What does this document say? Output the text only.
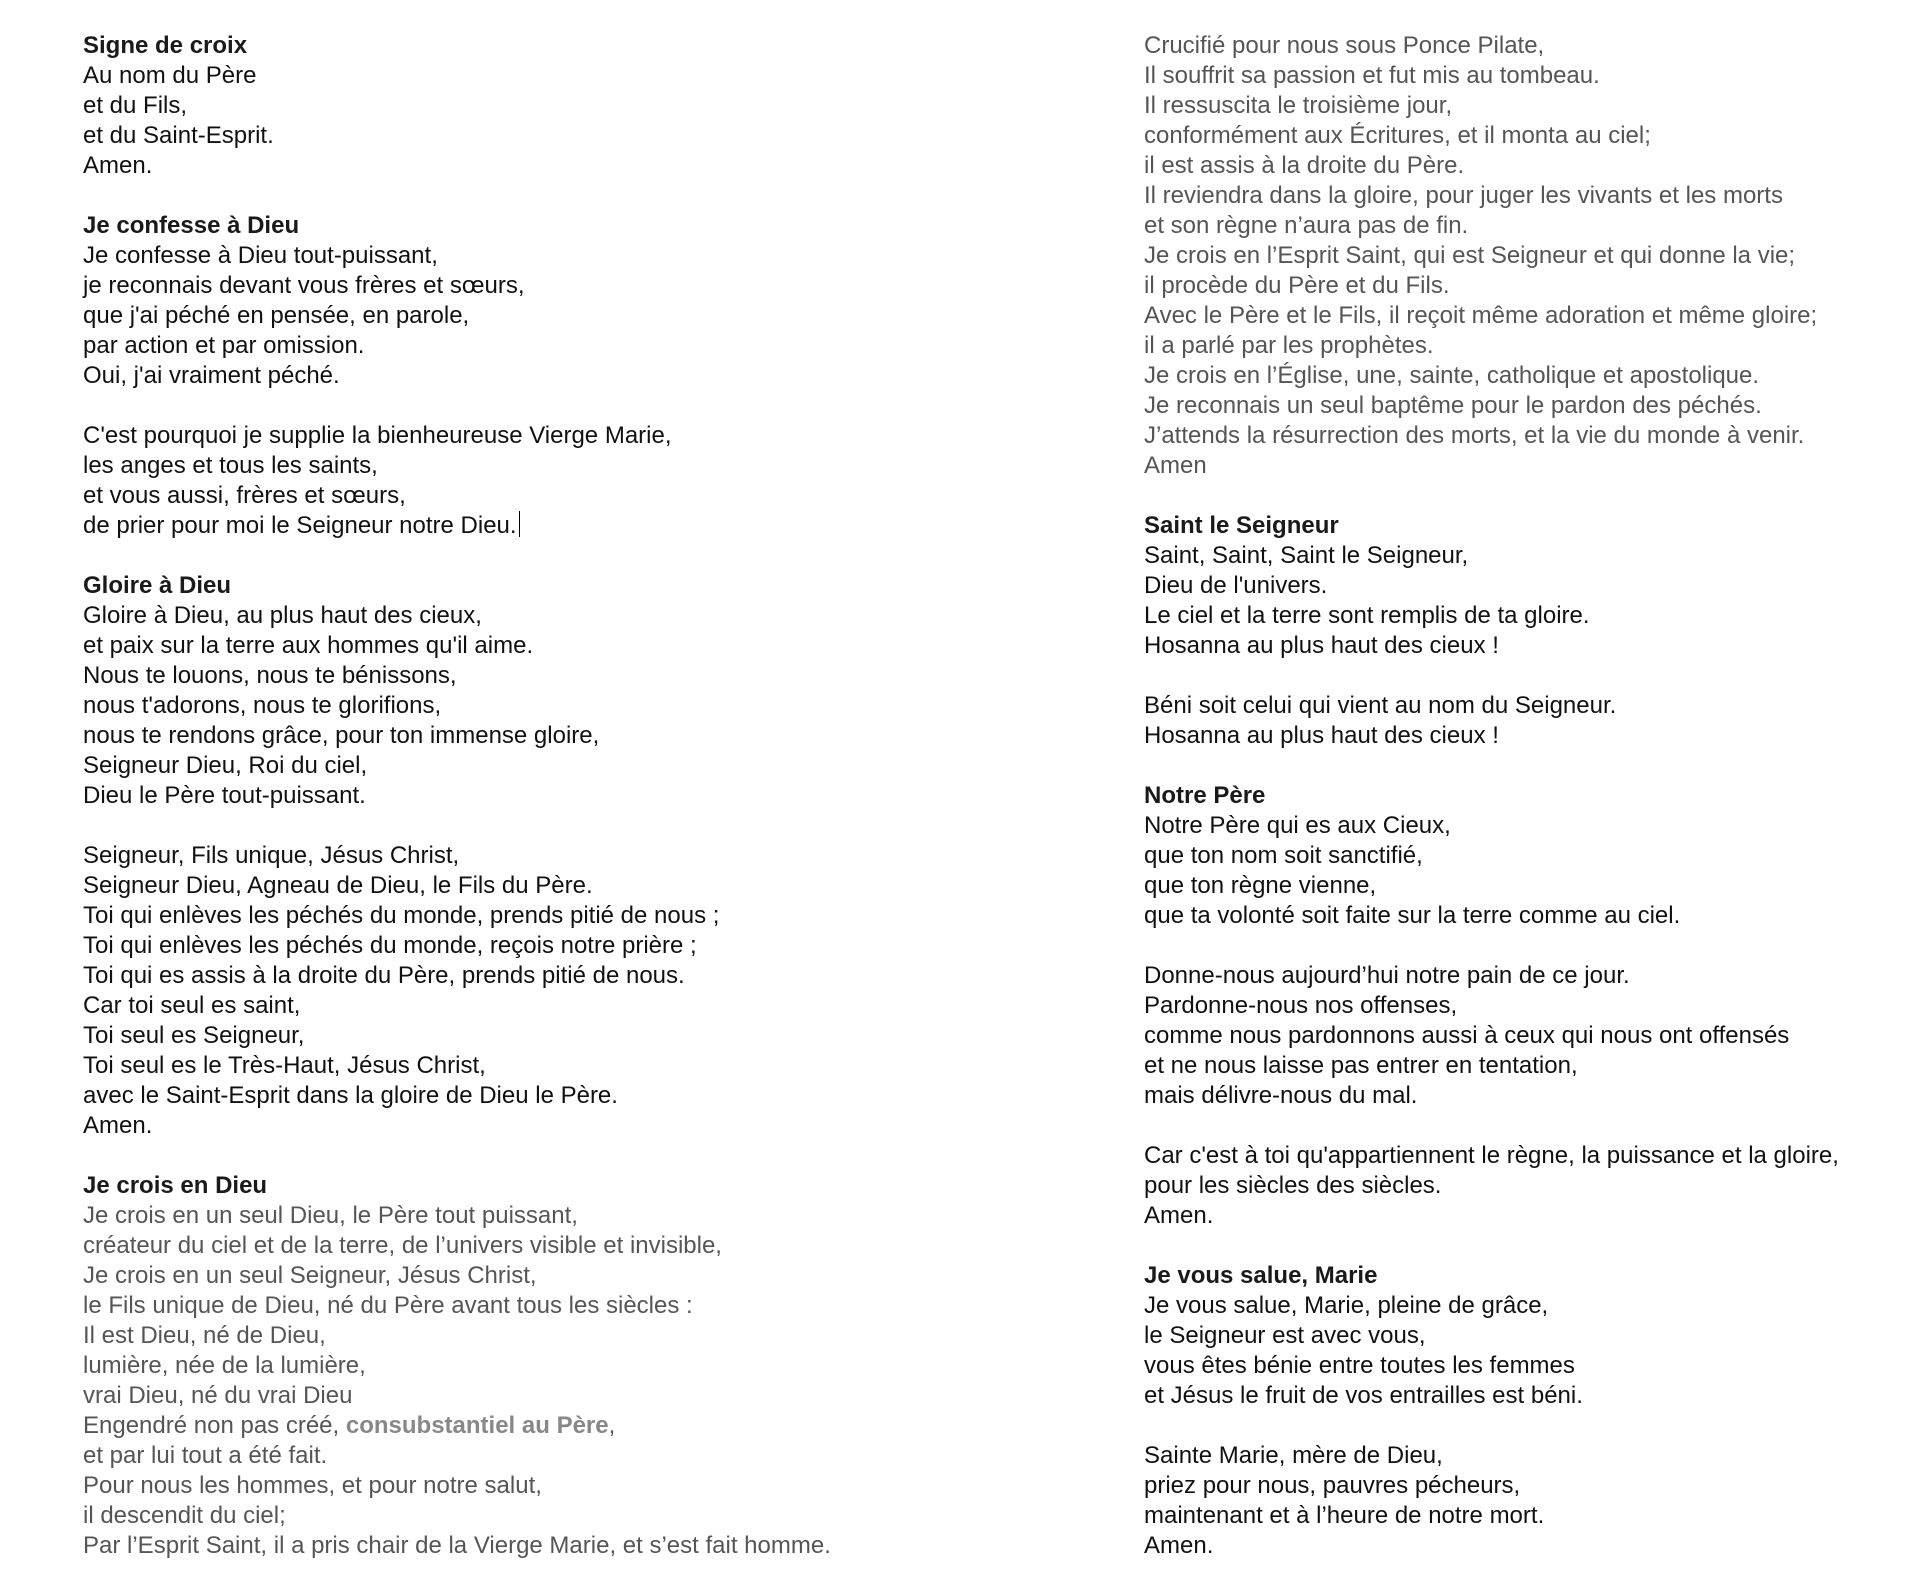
Signe de croix
Au nom du Père
et du Fils,
et du Saint-Esprit.
Amen.
Je confesse à Dieu
Je confesse à Dieu tout-puissant,
je reconnais devant vous frères et sœurs,
que j'ai péché en pensée, en parole,
par action et par omission.
Oui, j'ai vraiment péché.
C'est pourquoi je supplie la bienheureuse Vierge Marie,
les anges et tous les saints,
et vous aussi, frères et sœurs,
de prier pour moi le Seigneur notre Dieu.
Gloire à Dieu
Gloire à Dieu, au plus haut des cieux,
et paix sur la terre aux hommes qu'il aime.
Nous te louons, nous te bénissons,
nous t'adorons, nous te glorifions,
nous te rendons grâce, pour ton immense gloire,
Seigneur Dieu, Roi du ciel,
Dieu le Père tout-puissant.
Seigneur, Fils unique, Jésus Christ,
Seigneur Dieu, Agneau de Dieu, le Fils du Père.
Toi qui enlèves les péchés du monde, prends pitié de nous ;
Toi qui enlèves les péchés du monde, reçois notre prière ;
Toi qui es assis à la droite du Père, prends pitié de nous.
Car toi seul es saint,
Toi seul es Seigneur,
Toi seul es le Très-Haut, Jésus Christ,
avec le Saint-Esprit dans la gloire de Dieu le Père.
Amen.
Je crois en Dieu
Je crois en un seul Dieu, le Père tout puissant,
créateur du ciel et de la terre, de l’univers visible et invisible,
Je crois en un seul Seigneur, Jésus Christ,
le Fils unique de Dieu, né du Père avant tous les siècles :
Il est Dieu, né de Dieu,
lumière, née de la lumière,
vrai Dieu, né du vrai Dieu
Engendré non pas créé, consubstantiel au Père,
et par lui tout a été fait.
Pour nous les hommes, et pour notre salut,
il descendit du ciel;
Par l’Esprit Saint, il a pris chair de la Vierge Marie, et s’est fait homme.
Crucifié pour nous sous Ponce Pilate,
Il souffrit sa passion et fut mis au tombeau.
Il ressuscita le troisième jour,
conformément aux Écritures, et il monta au ciel;
il est assis à la droite du Père.
Il reviendra dans la gloire, pour juger les vivants et les morts
et son règne n’aura pas de fin.
Je crois en l’Esprit Saint, qui est Seigneur et qui donne la vie;
il procède du Père et du Fils.
Avec le Père et le Fils, il reçoit même adoration et même gloire;
il a parlé par les prophètes.
Je crois en l’Église, une, sainte, catholique et apostolique.
Je reconnais un seul baptême pour le pardon des péchés.
J’attends la résurrection des morts, et la vie du monde à venir.
Amen
Saint le Seigneur
Saint, Saint, Saint le Seigneur,
Dieu de l'univers.
Le ciel et la terre sont remplis de ta gloire.
Hosanna au plus haut des cieux !
Béni soit celui qui vient au nom du Seigneur.
Hosanna au plus haut des cieux !
Notre Père
Notre Père qui es aux Cieux,
que ton nom soit sanctifié,
que ton règne vienne,
que ta volonté soit faite sur la terre comme au ciel.
Donne-nous aujourd’hui notre pain de ce jour.
Pardonne-nous nos offenses,
comme nous pardonnons aussi à ceux qui nous ont offensés
et ne nous laisse pas entrer en tentation,
mais délivre-nous du mal.
Car c'est à toi qu'appartiennent le règne, la puissance et la gloire,
pour les siècles des siècles.
Amen.
Je vous salue, Marie
Je vous salue, Marie, pleine de grâce,
le Seigneur est avec vous,
vous êtes bénie entre toutes les femmes
et Jésus le fruit de vos entrailles est béni.
Sainte Marie, mère de Dieu,
priez pour nous, pauvres pécheurs,
maintenant et à l’heure de notre mort.
Amen.
